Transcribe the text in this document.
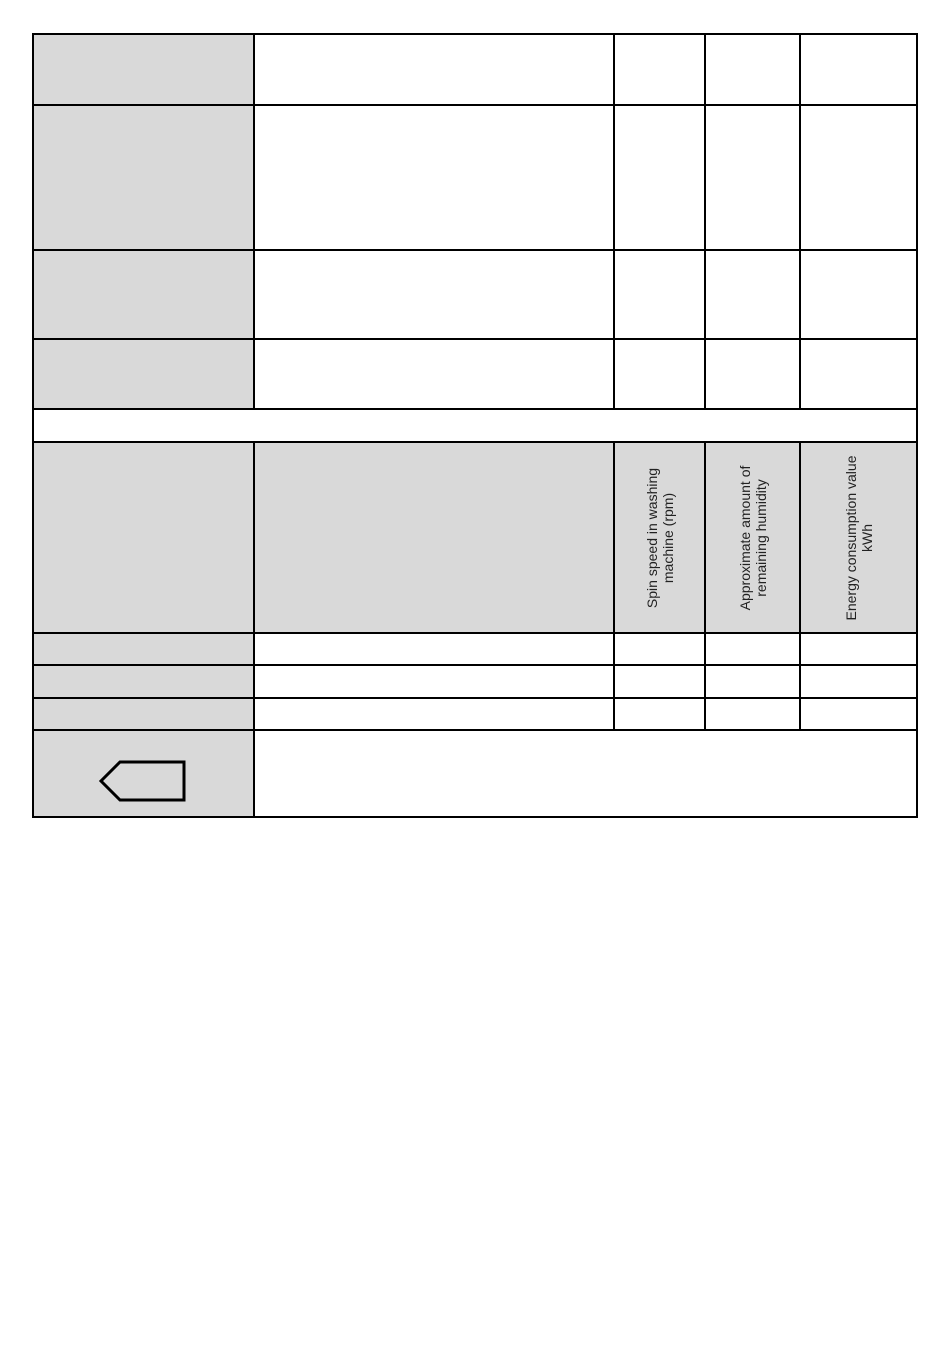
		Spin speed in washing machine (rpm)	Approximate amount of remaining humidity	Energy consumption value kWh
